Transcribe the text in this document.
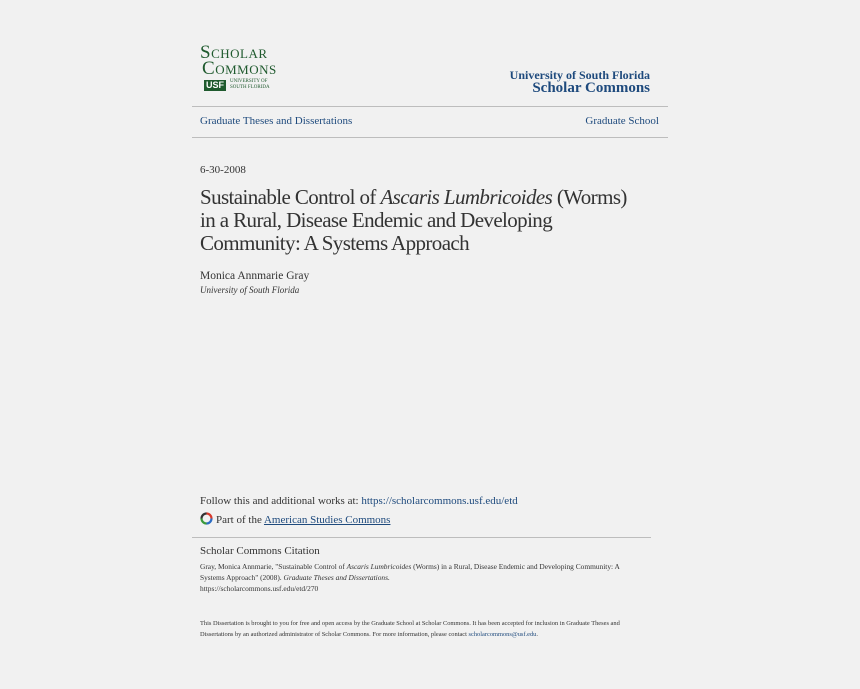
SCHOLAR
COMMONS
USF	UNIVERSITY OF
SOUTH FLORIDA
University of South Florida
Scholar Commons
Graduate Theses and Dissertations	Graduate School
6-30-2008
Sustainable Control of Ascaris Lumbricoides (Worms) in a Rural, Disease Endemic and Developing Community: A Systems Approach
Monica Annmarie Gray
University of South Florida
Follow this and additional works at: https://scholarcommons.usf.edu/etd
Part of the American Studies Commons
Scholar Commons Citation
Gray, Monica Annmarie, "Sustainable Control of Ascaris Lumbricoides (Worms) in a Rural, Disease Endemic and Developing Community: A Systems Approach" (2008). Graduate Theses and Dissertations.
https://scholarcommons.usf.edu/etd/270
This Dissertation is brought to you for free and open access by the Graduate School at Scholar Commons. It has been accepted for inclusion in Graduate Theses and Dissertations by an authorized administrator of Scholar Commons. For more information, please contact scholarcommons@usf.edu.
